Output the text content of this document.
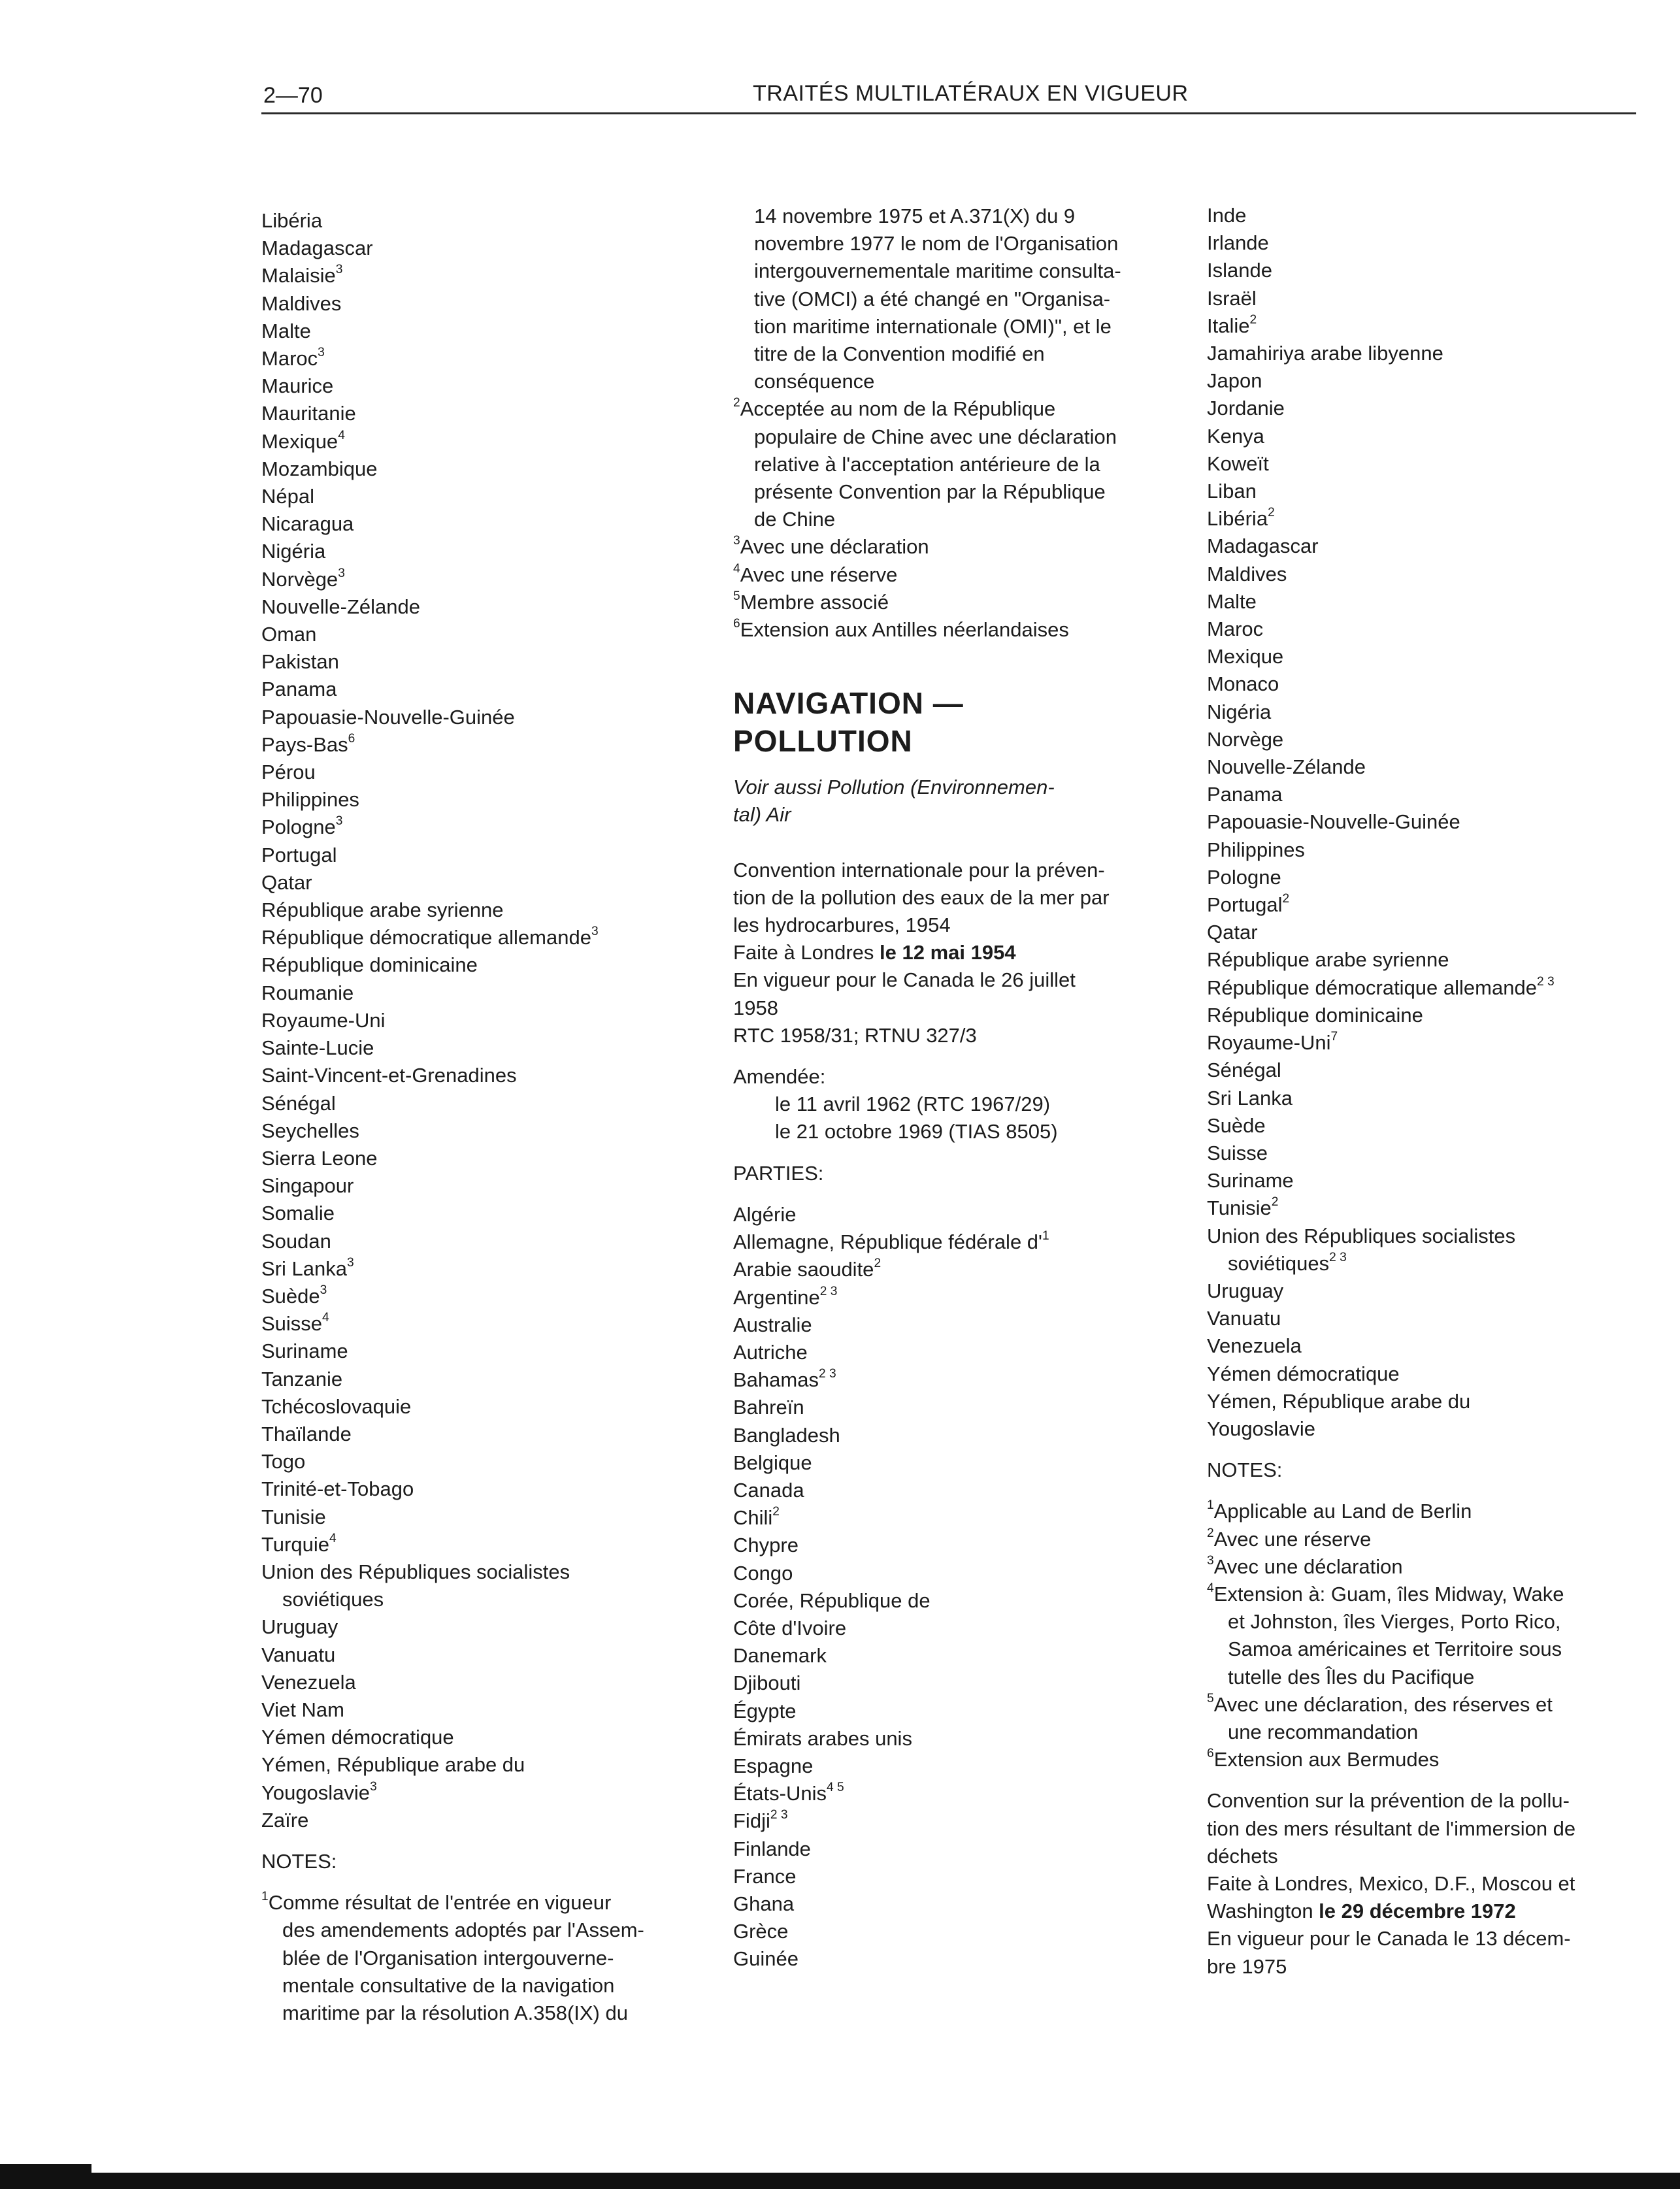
2—70	TRAITÉS MULTILATÉRAUX EN VIGUEUR
Libéria
Madagascar
Malaisie$^3$
Maldives
Malte
Maroc$^3$
Maurice
Mauritanie
Mexique$^4$
Mozambique
Népal
Nicaragua
Nigéria
Norvège$^3$
Nouvelle-Zélande
Oman
Pakistan
Panama
Papouasie-Nouvelle-Guinée
Pays-Bas$^6$
Pérou
Philippines
Pologne$^3$
Portugal
Qatar
République arabe syrienne
République démocratique allemande$^3$
République dominicaine
Roumanie
Royaume-Uni
Sainte-Lucie
Saint-Vincent-et-Grenadines
Sénégal
Seychelles
Sierra Leone
Singapour
Somalie
Soudan
Sri Lanka$^3$
Suède$^3$
Suisse$^4$
Suriname
Tanzanie
Tchécoslovaquie
Thaïlande
Togo
Trinité-et-Tobago
Tunisie
Turquie$^4$
Union des Républiques socialistes
soviétiques
Uruguay
Vanuatu
Venezuela
Viet Nam
Yémen démocratique
Yémen, République arabe du
Yougoslavie$^3$
Zaïre
NOTES:
$^1$Comme résultat de l'entrée en vigueur
des amendements adoptés par l'Assem-
blée de l'Organisation intergouverne-
mentale consultative de la navigation
maritime par la résolution A.358(IX) du
14 novembre 1975 et A.371(X) du 9
novembre 1977 le nom de l'Organisation
intergouvernementale maritime consulta-
tive (OMCI) a été changé en "Organisa-
tion maritime internationale (OMI)", et le
titre de la Convention modifié en
conséquence
$^2$Acceptée au nom de la République
populaire de Chine avec une déclaration
relative à l'acceptation antérieure de la
présente Convention par la République
de Chine
$^3$Avec une déclaration
$^4$Avec une réserve
$^5$Membre associé
$^6$Extension aux Antilles néerlandaises
NAVIGATION —
POLLUTION
Voir aussi Pollution (Environnemen-
tal) Air
Convention internationale pour la préven-
tion de la pollution des eaux de la mer par
les hydrocarbures, 1954
Faite à Londres le 12 mai 1954
En vigueur pour le Canada le 26 juillet
1958
RTC 1958/31; RTNU 327/3
Amendée:
le 11 avril 1962 (RTC 1967/29)
le 21 octobre 1969 (TIAS 8505)
PARTIES:
Algérie
Allemagne, République fédérale $d'^1$
Arabie saoudite$^2$
Argentine$^{2 3}$
Australie
Autriche
Bahamas$^{2 3}$
Bahreïn
Bangladesh
Belgique
Canada
Chili$^2$
Chypre
Congo
Corée, République de
Côte d'Ivoire
Danemark
Djibouti
Égypte
Émirats arabes unis
Espagne
États-Unis$^{4 5}$
Fidji$^{2 3}$
Finlande
France
Ghana
Grèce
Guinée
Inde
Irlande
Islande
Israël
Italie$^2$
Jamahiriya arabe libyenne
Japon
Jordanie
Kenya
Koweït
Liban
Libéria$^2$
Madagascar
Maldives
Malte
Maroc
Mexique
Monaco
Nigéria
Norvège
Nouvelle-Zélande
Panama
Papouasie-Nouvelle-Guinée
Philippines
Pologne
Portugal$^2$
Qatar
République arabe syrienne
République démocratique allemande$^{2 3}$
République dominicaine
Royaume-Uni$^7$
Sénégal
Sri Lanka
Suède
Suisse
Suriname
Tunisie$^2$
Union des Républiques socialistes
soviétiques$^{2 3}$
Uruguay
Vanuatu
Venezuela
Yémen démocratique
Yémen, République arabe du
Yougoslavie
NOTES:
$^1$Applicable au Land de Berlin
$^2$Avec une réserve
$^3$Avec une déclaration
$^4$Extension à: Guam, îles Midway, Wake
et Johnston, îles Vierges, Porto Rico,
Samoa américaines et Territoire sous
tutelle des Îles du Pacifique
$^5$Avec une déclaration, des réserves et
une recommandation
$^6$Extension aux Bermudes
Convention sur la prévention de la pollu-
tion des mers résultant de l'immersion de
déchets
Faite à Londres, Mexico, D.F., Moscou et
Washington le 29 décembre 1972
En vigueur pour le Canada le 13 décem-
bre 1975
